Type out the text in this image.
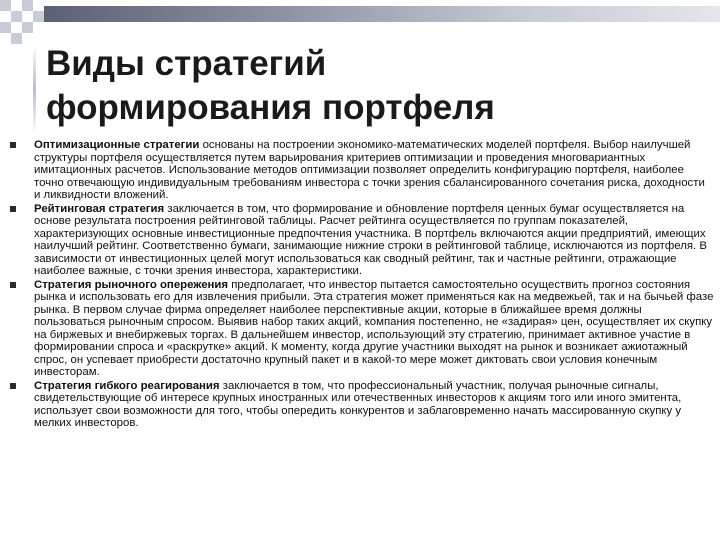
Виды стратегий
формирования портфеля
Оптимизационные стратегии основаны на построении экономико-математических моделей портфеля. Выбор наилучшей структуры портфеля осуществляется путем варьирования критериев оптимизации и проведения многовариантных имитационных расчетов. Использование методов оптимизации позволяет определить конфигурацию портфеля, наиболее точно отвечающую индивидуальным требованиям инвестора с точки зрения сбалансированного сочетания риска, доходности и ликвидности вложений.
Рейтинговая стратегия заключается в том, что формирование и обновление портфеля ценных бумаг осуществляется на основе результата построения рейтинговой таблицы. Расчет рейтинга осуществляется по группам показателей, характеризующих основные инвестиционные предпочтения участника. В портфель включаются акции предприятий, имеющих наилучший рейтинг. Соответственно бумаги, занимающие нижние строки в рейтинговой таблице, исключаются из портфеля. В зависимости от инвестиционных целей могут использоваться как сводный рейтинг, так и частные рейтинги, отражающие наиболее важные, с точки зрения инвестора, характеристики.
Стратегия рыночного опережения предполагает, что инвестор пытается самостоятельно осуществить прогноз состояния рынка и использовать его для извлечения прибыли. Эта стратегия может применяться как на медвежьей, так и на бычьей фазе рынка. В первом случае фирма определяет наиболее перспективные акции, которые в ближайшее время должны пользоваться рыночным спросом. Выявив набор таких акций, компания постепенно, не «задирая» цен, осуществляет их скупку на биржевых и внебиржевых торгах. В дальнейшем инвестор, использующий эту стратегию, принимает активное участие в формировании спроса и «раскрутке» акций. К моменту, когда другие участники выходят на рынок и возникает ажиотажный спрос, он успевает приобрести достаточно крупный пакет и в какой-то мере может диктовать свои условия конечным инвесторам.
Стратегия гибкого реагирования заключается в том, что профессиональный участник, получая рыночные сигналы, свидетельствующие об интересе крупных иностранных или отечественных инвесторов к акциям того или иного эмитента, использует свои возможности для того, чтобы опередить конкурентов и заблаговременно начать массированную скупку у мелких инвесторов.
